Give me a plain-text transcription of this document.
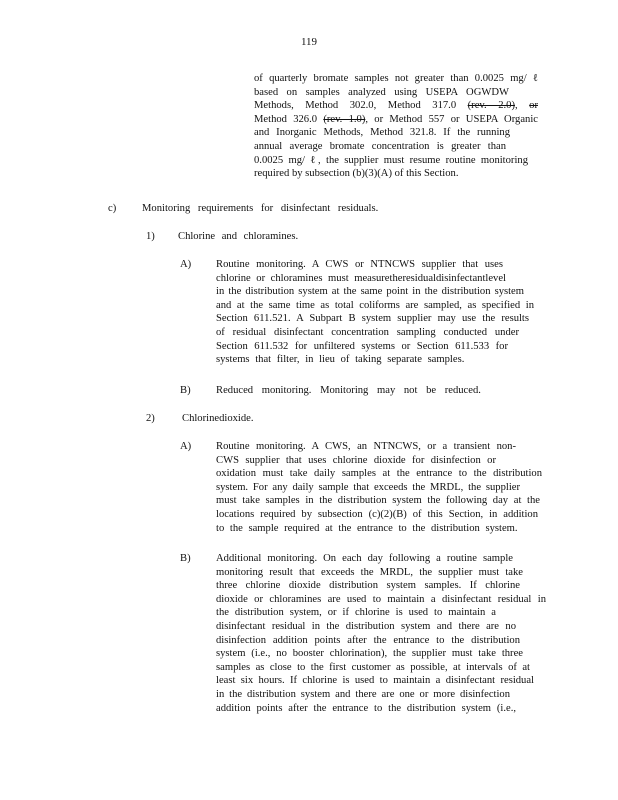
119
of quarterly bromate samples not greater than 0.0025 mg/ ℓ
based on samples analyzed using USEPA OGWDW
Methods, Method 302.0, Method 317.0 (rev. 2.0), or
Method 326.0 (rev. 1.0), or Method 557 or USEPA Organic
and Inorganic Methods, Method 321.8. If the running
annual average bromate concentration is greater than
0.0025 mg/ ℓ, the supplier must resume routine monitoring
required by subsection (b)(3)(A) of this Section.
c) Monitoring requirements for disinfectant residuals.
1) Chlorine and chloramines.
A) Routine monitoring. A CWS or NTNCWS supplier that uses
chlorine or chloramines must measuretheresidualdisinfectantlevel
in the distribution system at the same point in the distribution system
and at the same time as total coliforms are sampled, as specified in
Section 611.521. A Subpart B system supplier may use the results
of residual disinfectant concentration sampling conducted under
Section 611.532 for unfiltered systems or Section 611.533 for
systems that filter, in lieu of taking separate samples.
B) Reduced monitoring. Monitoring may not be reduced.
2)	Chlorinedioxide.
A) Routine monitoring. A CWS, an NTNCWS, or a transient non-
CWS supplier that uses chlorine dioxide for disinfection or
oxidation must take daily samples at the entrance to the distribution
system. For any daily sample that exceeds the MRDL, the supplier
must take samples in the distribution system the following day at the
locations required by subsection (c)(2)(B) of this Section, in addition
to the sample required at the entrance to the distribution system.
B) Additional monitoring. On each day following a routine sample
monitoring result that exceeds the MRDL, the supplier must take
three chlorine dioxide distribution system samples. If chlorine
dioxide or chloramines are used to maintain a disinfectant residual in
the distribution system, or if chlorine is used to maintain a
disinfectant residual in the distribution system and there are no
disinfection addition points after the entrance to the distribution
system (i.e., no booster chlorination), the supplier must take three
samples as close to the first customer as possible, at intervals of at
least six hours. If chlorine is used to maintain a disinfectant residual
in the distribution system and there are one or more disinfection
addition points after the entrance to the distribution system (i.e.,
